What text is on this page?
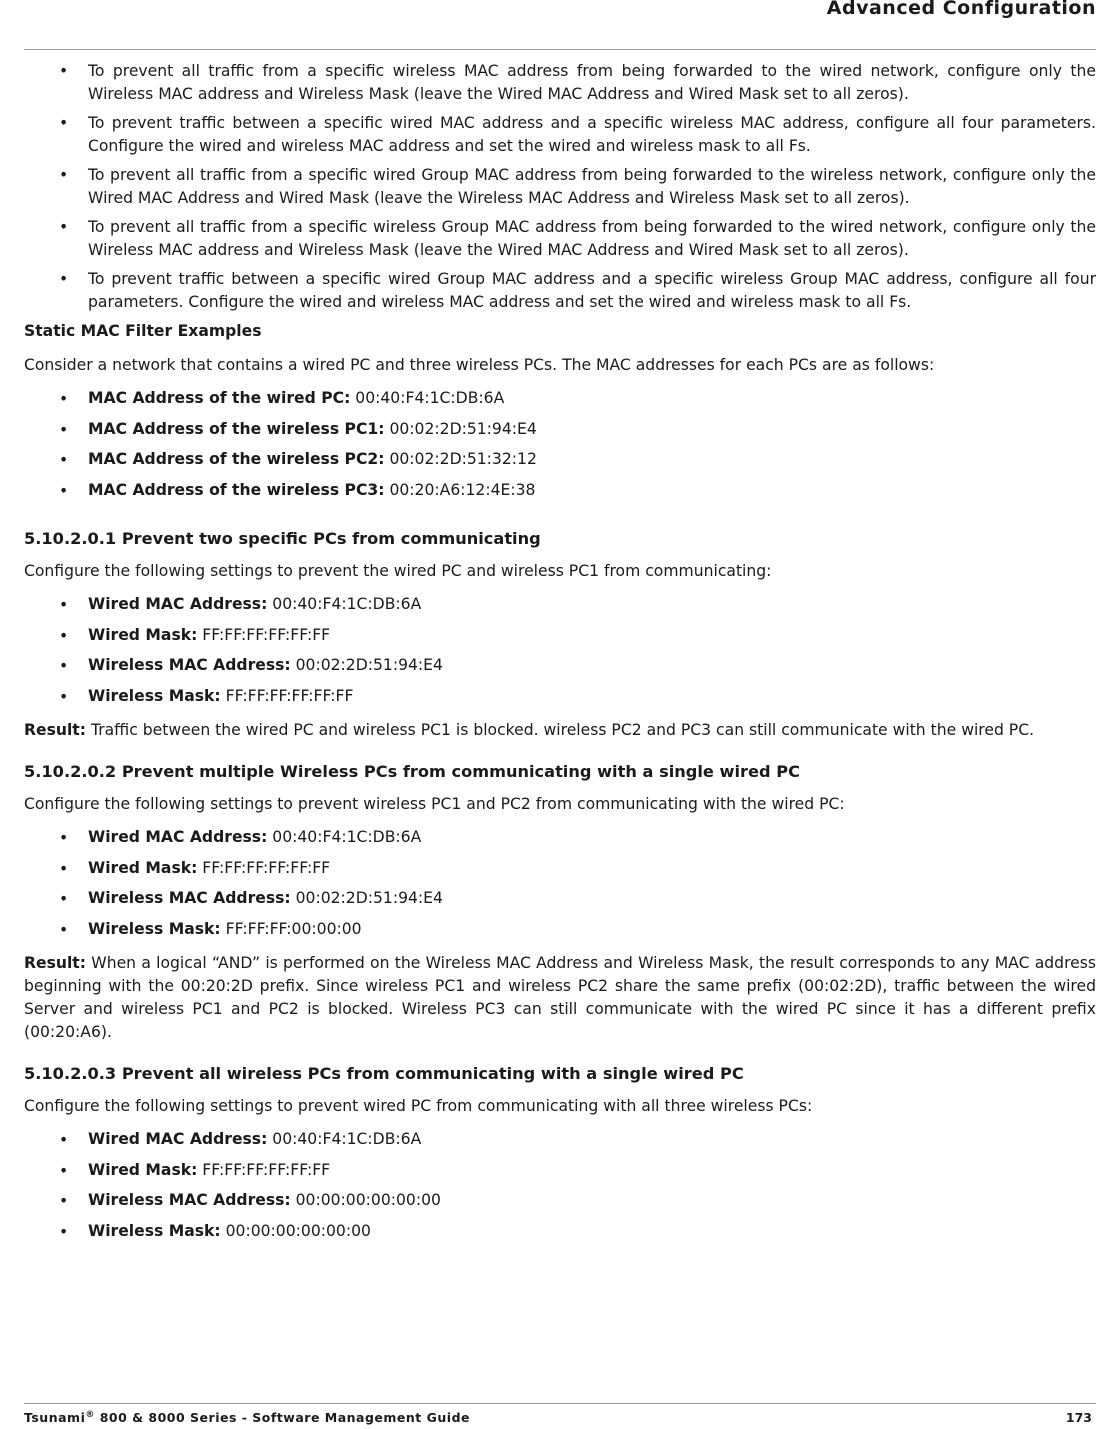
Advanced Configuration
• To prevent all traffic from a specific wireless MAC address from being forwarded to the wired network, configure only the Wireless MAC address and Wireless Mask (leave the Wired MAC Address and Wired Mask set to all zeros).
• To prevent traffic between a specific wired MAC address and a specific wireless MAC address, configure all four parameters. Configure the wired and wireless MAC address and set the wired and wireless mask to all Fs.
• To prevent all traffic from a specific wired Group MAC address from being forwarded to the wireless network, configure only the Wired MAC Address and Wired Mask (leave the Wireless MAC Address and Wireless Mask set to all zeros).
• To prevent all traffic from a specific wireless Group MAC address from being forwarded to the wired network, configure only the Wireless MAC address and Wireless Mask (leave the Wired MAC Address and Wired Mask set to all zeros).
• To prevent traffic between a specific wired Group MAC address and a specific wireless Group MAC address, configure all four parameters. Configure the wired and wireless MAC address and set the wired and wireless mask to all Fs.
Static MAC Filter Examples

Consider a network that contains a wired PC and three wireless PCs. The MAC addresses for each PCs are as follows:

• MAC Address of the wired PC: 00:40:F4:1C:DB:6A
• MAC Address of the wireless PC1: 00:02:2D:51:94:E4
• MAC Address of the wireless PC2: 00:02:2D:51:32:12
• MAC Address of the wireless PC3: 00:20:A6:12:4E:38
5.10.2.0.1 Prevent two specific PCs from communicating

Configure the following settings to prevent the wired PC and wireless PC1 from communicating:

• Wired MAC Address: 00:40:F4:1C:DB:6A
• Wired Mask: FF:FF:FF:FF:FF:FF
• Wireless MAC Address: 00:02:2D:51:94:E4
• Wireless Mask: FF:FF:FF:FF:FF:FF

Result: Traffic between the wired PC and wireless PC1 is blocked. wireless PC2 and PC3 can still communicate with the wired PC.

5.10.2.0.2 Prevent multiple Wireless PCs from communicating with a single wired PC

Configure the following settings to prevent wireless PC1 and PC2 from communicating with the wired PC:

• Wired MAC Address: 00:40:F4:1C:DB:6A
• Wired Mask: FF:FF:FF:FF:FF:FF
• Wireless MAC Address: 00:02:2D:51:94:E4
• Wireless Mask: FF:FF:FF:00:00:00

Result: When a logical “AND” is performed on the Wireless MAC Address and Wireless Mask, the result corresponds to any MAC address beginning with the 00:20:2D prefix. Since wireless PC1 and wireless PC2 share the same prefix (00:02:2D), traffic between the wired Server and wireless PC1 and PC2 is blocked. Wireless PC3 can still communicate with the wired PC since it has a different prefix (00:20:A6).

5.10.2.0.3 Prevent all wireless PCs from communicating with a single wired PC

Configure the following settings to prevent wired PC from communicating with all three wireless PCs:

• Wired MAC Address: 00:40:F4:1C:DB:6A
• Wired Mask: FF:FF:FF:FF:FF:FF
• Wireless MAC Address: 00:00:00:00:00:00
• Wireless Mask: 00:00:00:00:00:00
Tsunami® 800 & 8000 Series - Software Management Guide	173
